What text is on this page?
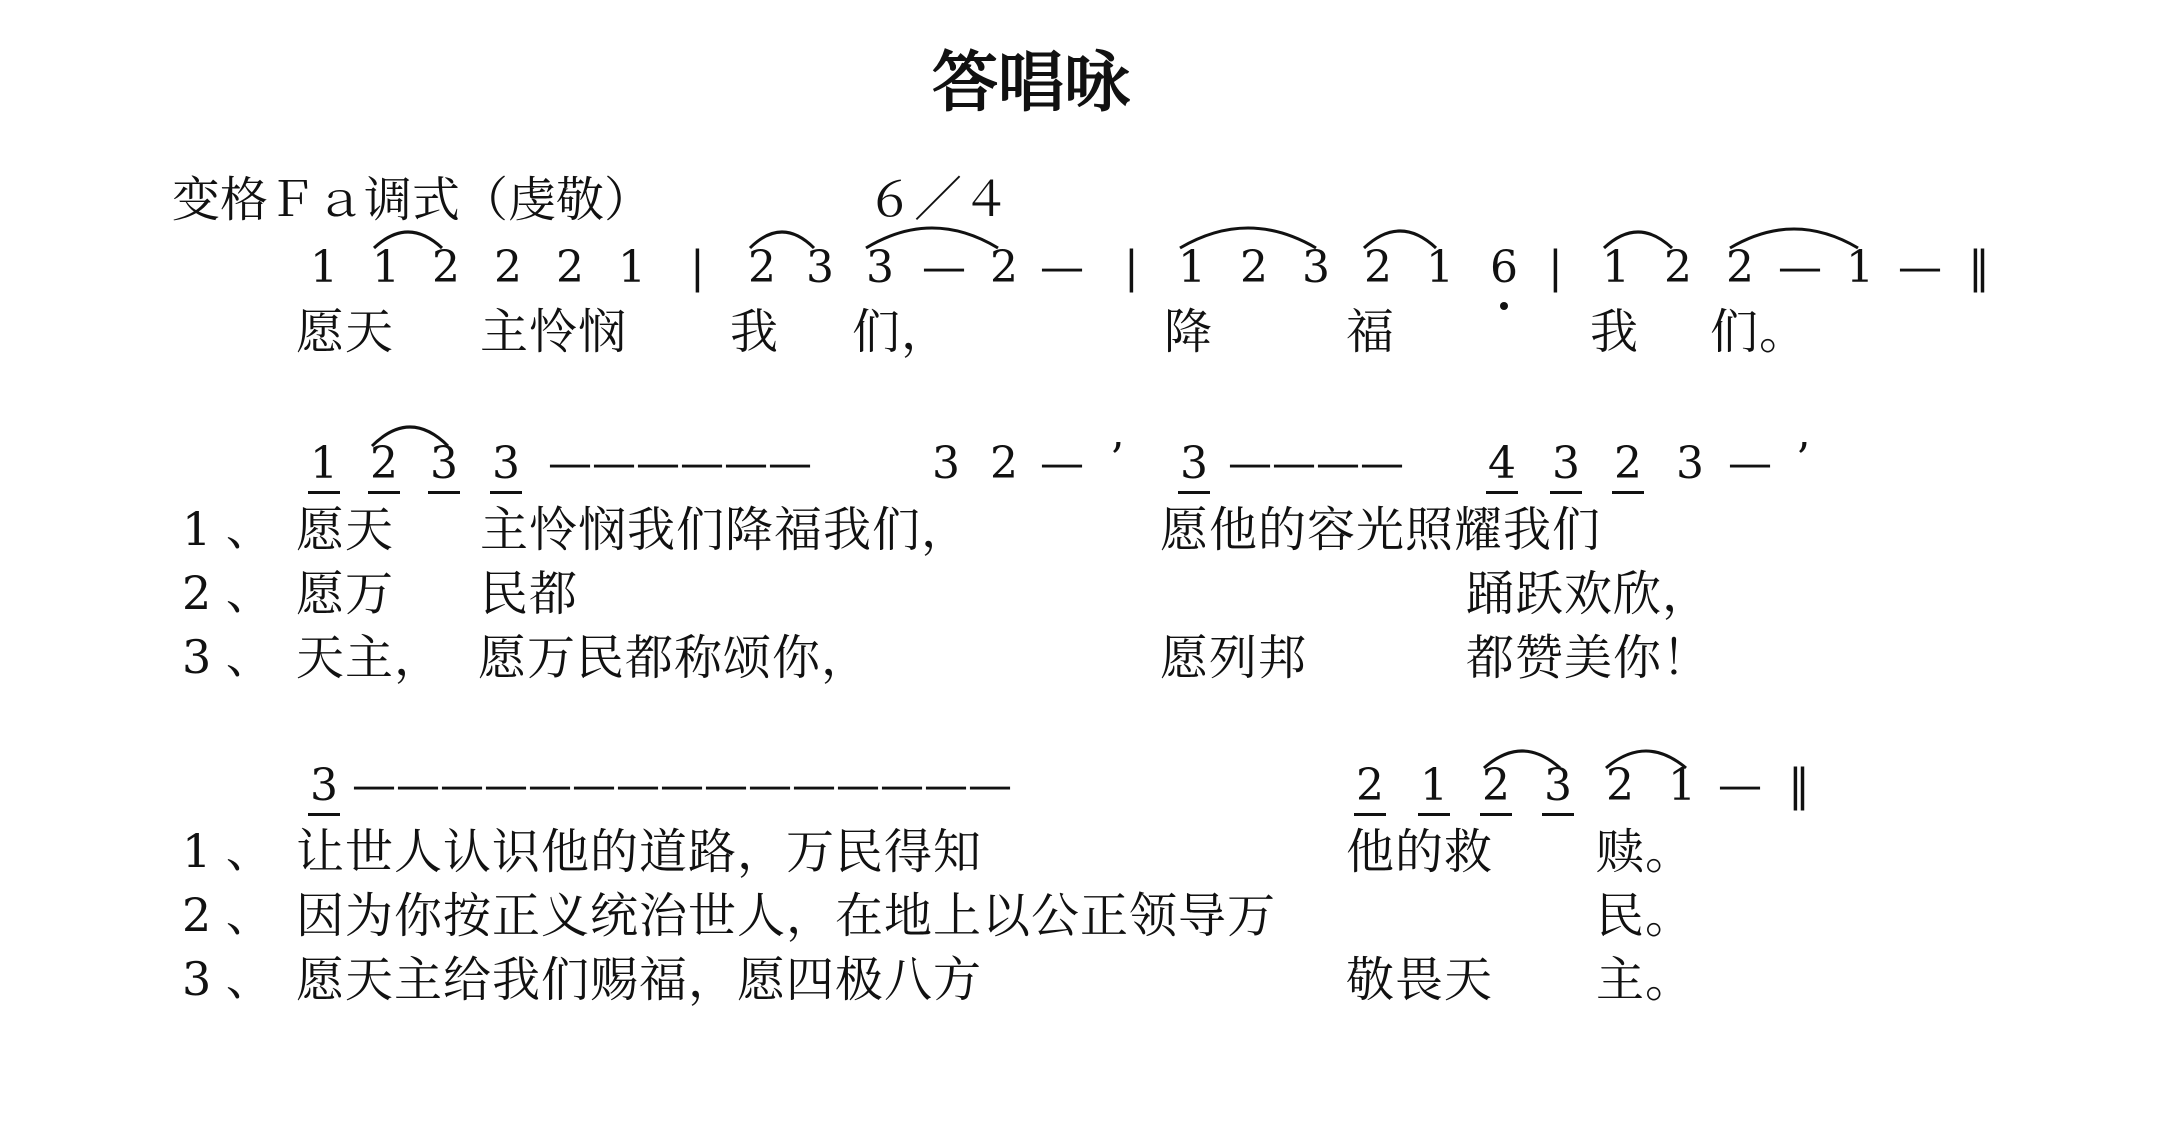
答唱咏
变格Ｆａ调式（虔敬）	６／４
1 1 2 2 2 1 | 2 3 3 — 2 — | 1 2 3 2 1 6 | 1 2 2 — 1 — ‖
愿天 主怜悯 我 们，	降	福	我 们。
1 2 3 3 ——————	3 2 — ’ 3 ———— 4 3 2 3 — ’
1 、 愿天 主怜悯我们降福我们，	愿他的容光照耀我们
2 、 愿万 民都	踊跃欢欣，
3 、 天主， 愿万民都称颂你，	愿列邦	都赞美你！
3 ———————————————	2 1 2 3 2 1 — ‖
1 、 让世人认识他的道路，万民得知	他的救 赎。
2 、 因为你按正义统治世人，在地上以公正领导万	民。
3 、 愿天主给我们赐福，愿四极八方	敬畏天 主。
